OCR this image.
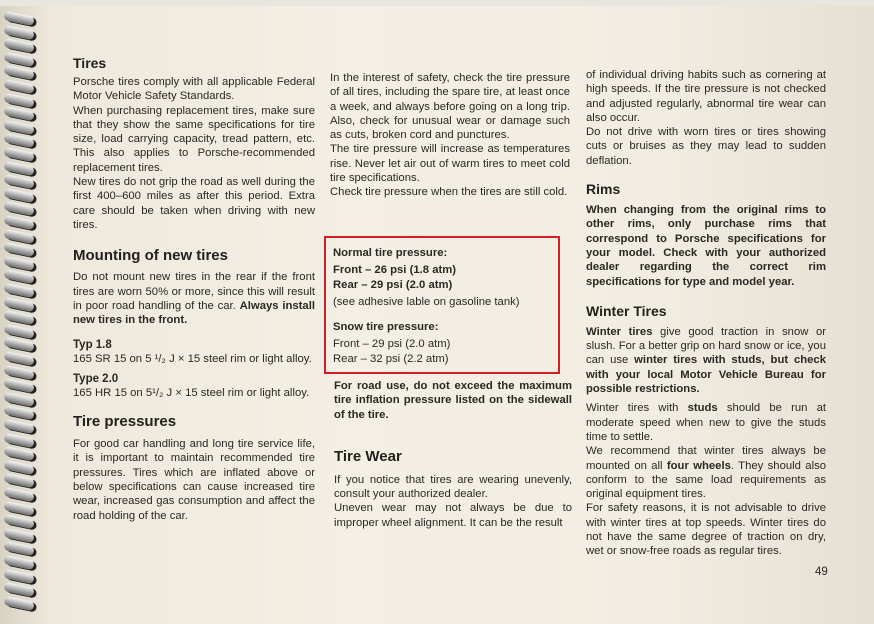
Tires

Porsche tires comply with all applicable Federal Motor Vehicle Safety Standards.

When purchasing replacement tires, make sure that they show the same specifications for tire size, load carrying capacity, tread pattern, etc. This also applies to Porsche-recommended replacement tires.

New tires do not grip the road as well during the first 400–600 miles as after this period. Extra care should be taken when driving with new tires.

Mounting of new tires

Do not mount new tires in the rear if the front tires are worn 50% or more, since this will result in poor road handling of the car. Always install new tires in the front.

Typ 1.8

165 SR 15 on 5 ¹/₂ J × 15 steel rim or light alloy.

Type 2.0

165 HR 15 on 5¹/₂ J × 15 steel rim or light alloy.

Tire pressures

For good car handling and long tire service life, it is important to maintain recommended tire pressures. Tires which are inflated above or below specifications can cause increased tire wear, increased gas consumption and affect the road holding of the car.

In the interest of safety, check the tire pressure of all tires, including the spare tire, at least once a week, and always before going on a long trip. Also, check for unusual wear or damage such as cuts, broken cord and punctures.

The tire pressure will increase as temperatures rise. Never let air out of warm tires to meet cold tire specifications.

Check tire pressure when the tires are still cold.

Normal tire pressure:

Front – 26 psi (1.8 atm)

Rear – 29 psi (2.0 atm)

(see adhesive lable on gasoline tank)

Snow tire pressure:

Front – 29 psi (2.0 atm)

Rear – 32 psi (2.2 atm)

For road use, do not exceed the maximum tire inflation pressure listed on the sidewall of the tire.

Tire Wear

If you notice that tires are wearing unevenly, consult your authorized dealer.

Uneven wear may not always be due to improper wheel alignment. It can be the result

of individual driving habits such as cornering at high speeds. If the tire pressure is not checked and adjusted regularly, abnormal tire wear can also occur.

Do not drive with worn tires or tires showing cuts or bruises as they may lead to sudden deflation.

Rims

When changing from the original rims to other rims, only purchase rims that correspond to Porsche specifications for your model. Check with your authorized dealer regarding the correct rim specifications for type and model year.

Winter Tires

Winter tires give good traction in snow or slush. For a better grip on hard snow or ice, you can use winter tires with studs, but check with your local Motor Vehicle Bureau for possible restrictions.

Winter tires with studs should be run at moderate speed when new to give the studs time to settle.

We recommend that winter tires always be mounted on all four wheels. They should also conform to the same load requirements as original equipment tires.

For safety reasons, it is not advisable to drive with winter tires at top speeds. Winter tires do not have the same degree of traction on dry, wet or snow-free roads as regular tires.

49
